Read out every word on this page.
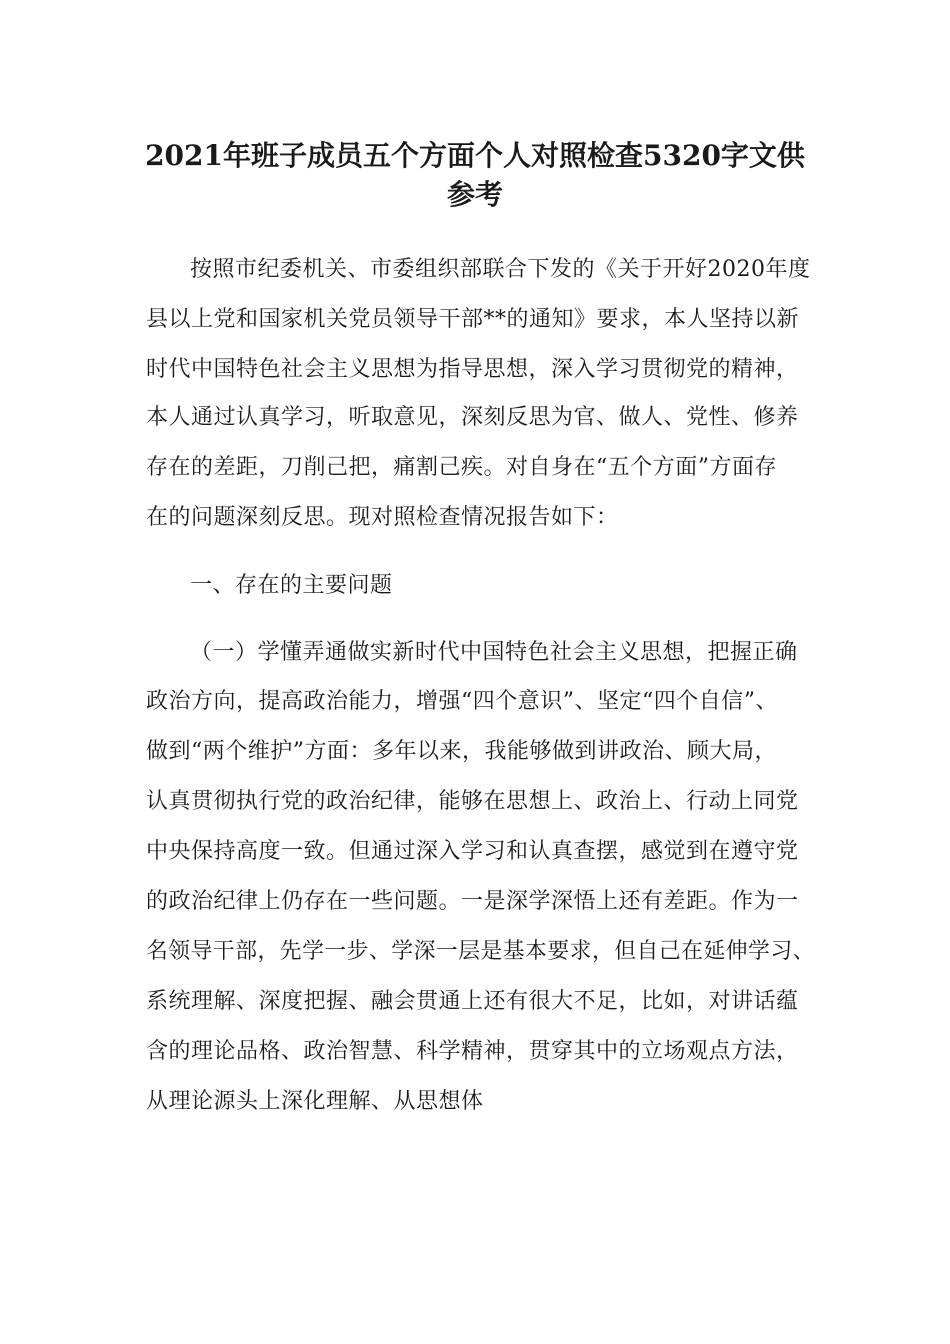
2021年班子成员五个方面个人对照检查5320字文供
参考
按照市纪委机关、市委组织部联合下发的《关于开好2020年度
县以上党和国家机关党员领导干部**的通知》要求，本人坚持以新
时代中国特色社会主义思想为指导思想，深入学习贯彻党的精神，
本人通过认真学习，听取意见，深刻反思为官、做人、党性、修养
存在的差距，刀削己把，痛割己疾。对自身在“五个方面”方面存
在的问题深刻反思。现对照检查情况报告如下：
一、存在的主要问题
（一）学懂弄通做实新时代中国特色社会主义思想，把握正确
政治方向，提高政治能力，增强“四个意识”、坚定“四个自信”、
做到“两个维护”方面：多年以来，我能够做到讲政治、顾大局，
认真贯彻执行党的政治纪律，能够在思想上、政治上、行动上同党
中央保持高度一致。但通过深入学习和认真查摆，感觉到在遵守党
的政治纪律上仍存在一些问题。一是深学深悟上还有差距。作为一
名领导干部，先学一步、学深一层是基本要求，但自己在延伸学习、
系统理解、深度把握、融会贯通上还有很大不足，比如，对讲话蕴
含的理论品格、政治智慧、科学精神，贯穿其中的立场观点方法，
从理论源头上深化理解、从思想体
